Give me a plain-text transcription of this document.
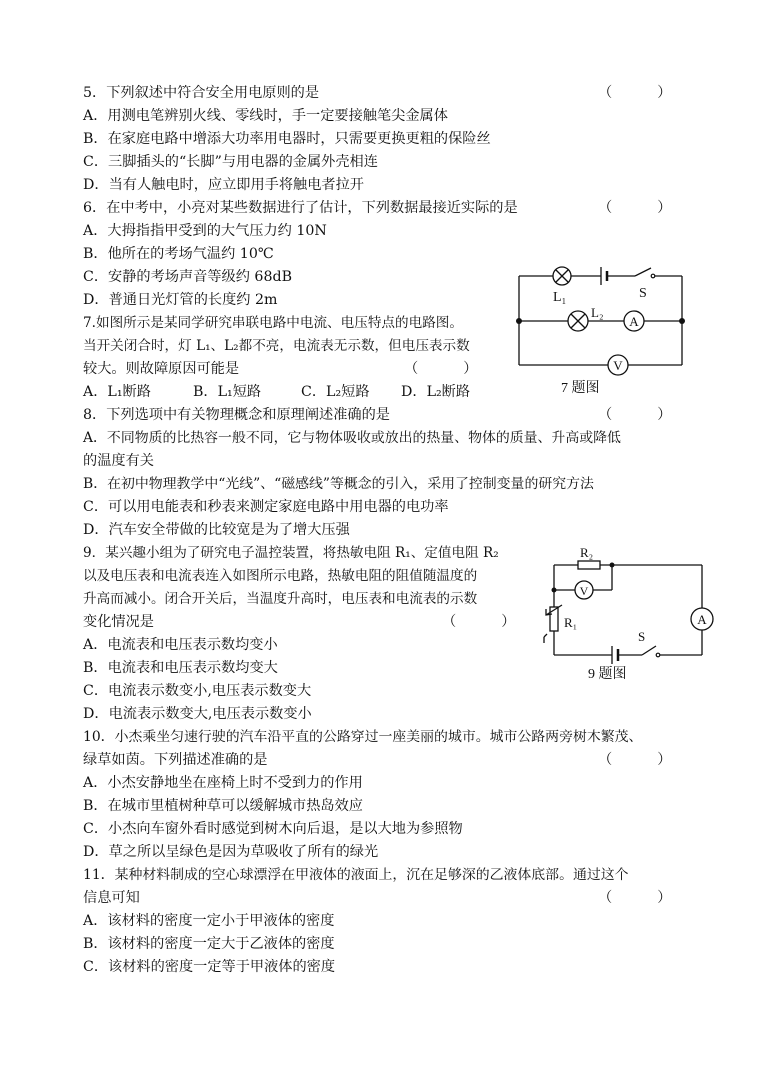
5．下列叙述中符合安全用电原则的是	（          ）
A．用测电笔辨别火线、零线时，手一定要接触笔尖金属体
B．在家庭电路中增添大功率用电器时，只需要更换更粗的保险丝
C．三脚插头的“长脚”与用电器的金属外壳相连
D．当有人触电时，应立即用手将触电者拉开
6．在中考中，小亮对某些数据进行了估计，下列数据最接近实际的是	（          ）
A．大拇指指甲受到的大气压力约 10N
B．他所在的考场气温约 10℃
C．安静的考场声音等级约 68dB
D．普通日光灯管的长度约 2m
7.如图所示是某同学研究串联电路中电流、电压特点的电路图。
当开关闭合时，灯 L₁、L₂都不亮，电流表无示数，但电压表示数
较大。则故障原因可能是	（          ）
A．L₁断路	B．L₁短路	C．L₂短路 D．L₂断路
A
V
L₁
L₂
S
7 题图
8．下列选项中有关物理概念和原理阐述准确的是	（          ）
A．不同物质的比热容一般不同，它与物体吸收或放出的热量、物体的质量、升高或降低
的温度有关
B．在初中物理教学中“光线”、“磁感线”等概念的引入，采用了控制变量的研究方法
C．可以用电能表和秒表来测定家庭电路中用电器的电功率
D．汽车安全带做的比较宽是为了增大压强
9．某兴趣小组为了研究电子温控装置，将热敏电阻 R₁、定值电阻 R₂
以及电压表和电流表连入如图所示电路，热敏电阻的阻值随温度的
升高而减小。闭合开关后，当温度升高时，电压表和电流表的示数
变化情况是	（          ）
A．电流表和电压表示数均变小
B．电流表和电压表示数均变大
C．电流表示数变小,电压表示数变大
D．电流表示数变大,电压表示数变小
V
A
R₂
R₁
S
9 题图
10．小杰乘坐匀速行驶的汽车沿平直的公路穿过一座美丽的城市。城市公路两旁树木繁茂、
绿草如茵。下列描述准确的是	（          ）
A．小杰安静地坐在座椅上时不受到力的作用
B．在城市里植树种草可以缓解城市热岛效应
C．小杰向车窗外看时感觉到树木向后退，是以大地为参照物
D．草之所以呈绿色是因为草吸收了所有的绿光
11．某种材料制成的空心球漂浮在甲液体的液面上，沉在足够深的乙液体底部。通过这个
信息可知	（          ）
A．该材料的密度一定小于甲液体的密度
B．该材料的密度一定大于乙液体的密度
C．该材料的密度一定等于甲液体的密度
